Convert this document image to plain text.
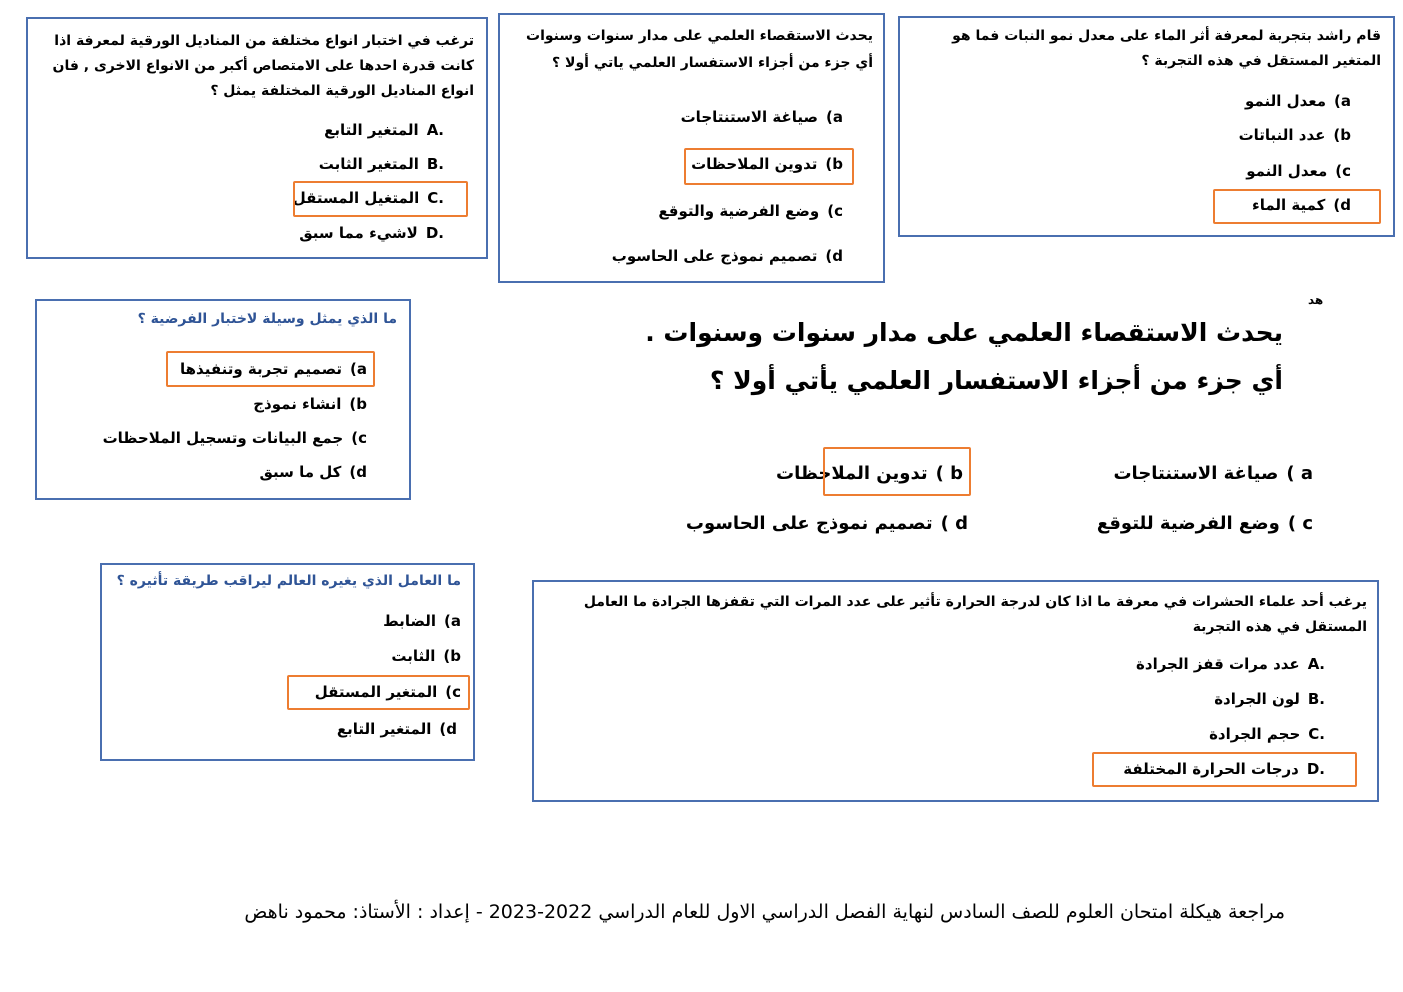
ترغب في اختبار انواع مختلفة من المناديل الورقية لمعرفة اذا كانت قدرة احدها على الامتصاص أكبر من الانواع الاخرى , فان انواع المناديل الورقية المختلفة يمثل ؟
.Aالمتغير التابع
.Bالمتغير الثابت
.Cالمتغيل المستقل
.Dلاشيء مما سبق
يحدث الاستقصاء العلمي على مدار سنوات وسنوات أي جزء من أجزاء الاستفسار العلمي ياتي أولا ؟
a)صياغة الاستنتاجات
b)تدوين الملاحظات
c)وضع الفرضية والتوقع
d)تصميم نموذج على الحاسوب
قام راشد بتجربة لمعرفة أثر الماء على معدل نمو النبات فما هو المتغير المستقل في هذه التجربة ؟
a)معدل النمو
b)عدد النباتات
c)معدل النمو
d)كمية الماء
ما الذي يمثل وسيلة لاختبار الفرضية ؟
a)تصميم تجربة وتنفيذها
b)انشاء نموذج
c)جمع البيانات وتسجيل الملاحظات
d)كل ما سبق
ﻫﺪ
يحدث الاستقصاء العلمي على مدار سنوات وسنوات .
أي جزء من أجزاء الاستفسار العلمي يأتي أولا ؟
a )صياغة الاستنتاجات
b )تدوين الملاحظات
c )وضع الفرضية للتوقع
d )تصميم نموذج على الحاسوب
ما العامل الذي يغيره العالم ليراقب طريقة تأثيره ؟
a)الضابط
b)الثابت
c)المتغير المستقل
d)المتغير التابع
يرغب أحد علماء الحشرات في معرفة ما اذا كان لدرجة الحرارة تأثير على عدد المرات التي تقفزها الجرادة ما العامل المستقل في هذه التجربة
.Aعدد مرات قفز الجرادة
.Bلون الجرادة
.Cحجم الجرادة
.Dدرجات الحرارة المختلفة
مراجعة هيكلة امتحان العلوم للصف السادس لنهاية الفصل الدراسي الاول للعام الدراسي 2022-2023 - إعداد : الأستاذ: محمود ناهض
